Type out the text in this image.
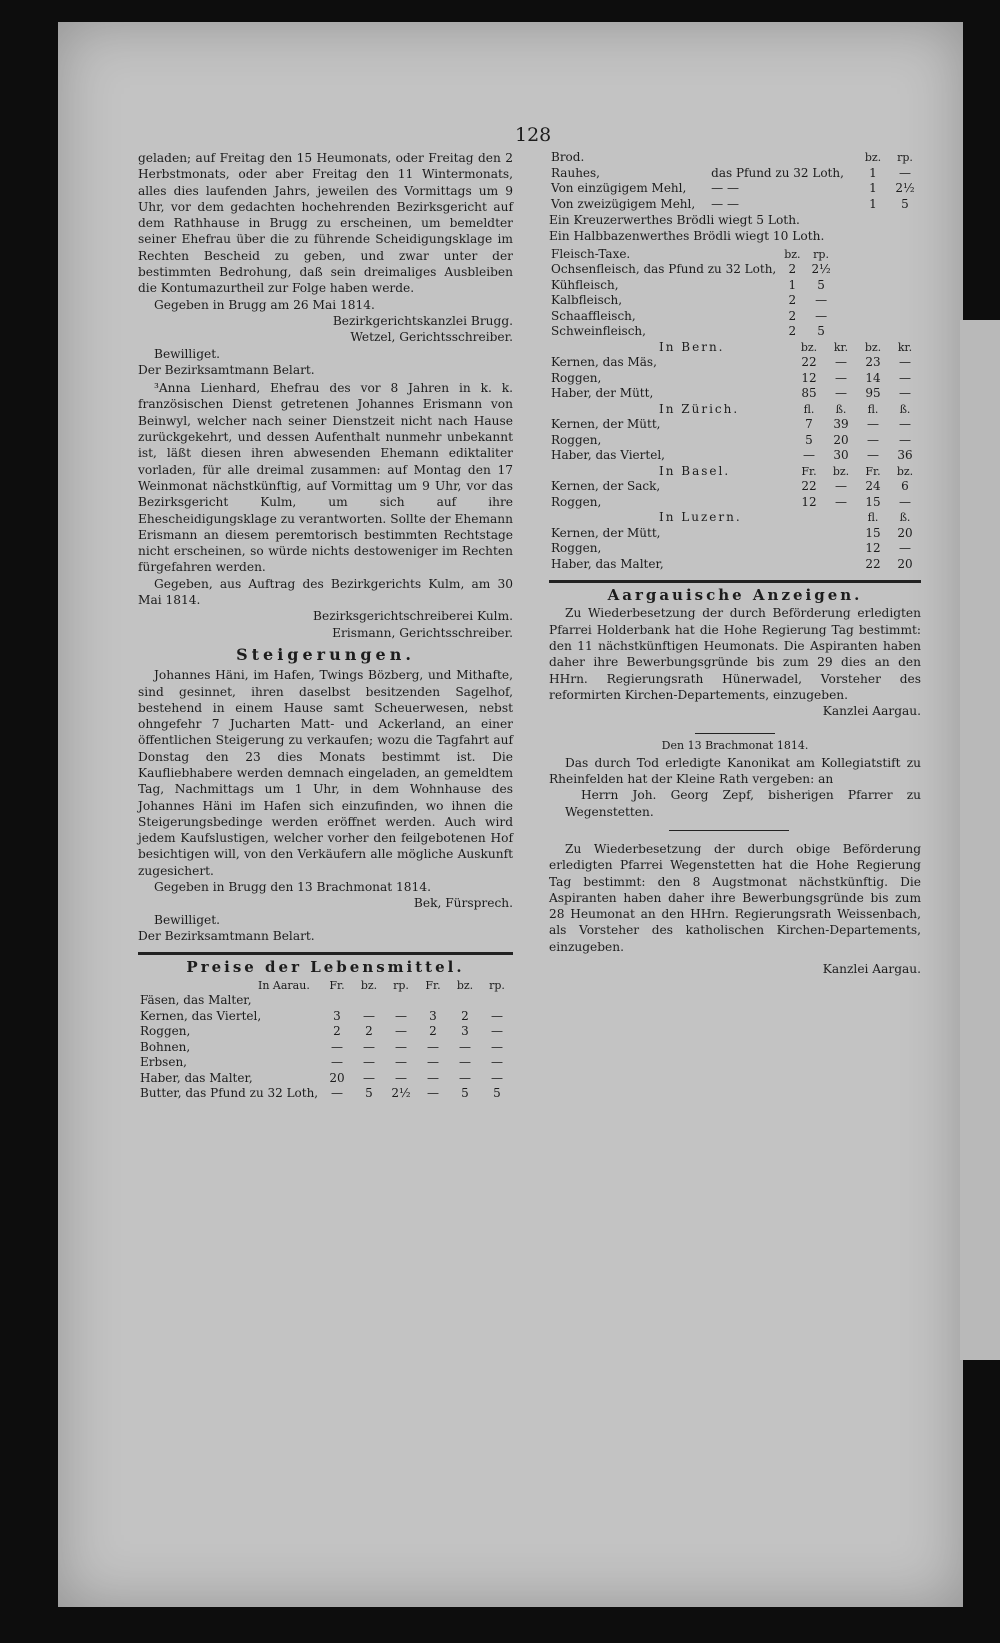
128

geladen; auf Freitag den 15 Heumonats, oder Freitag den 2 Herbstmonats, oder aber Freitag den 11 Wintermonats, alles dies laufenden Jahrs, jeweilen des Vormittags um 9 Uhr, vor dem gedachten hochehrenden Bezirksgericht auf dem Rathhause in Brugg zu erscheinen, um bemeldter seiner Ehefrau über die zu führende Scheidigungsklage im Rechten Bescheid zu geben, und zwar unter der bestimmten Bedrohung, daß sein dreimaliges Ausbleiben die Kontumazurtheil zur Folge haben werde.

Gegeben in Brugg am 26 Mai 1814.

Bezirkgerichtskanzlei Brugg.

Wetzel, Gerichtsschreiber.

Bewilliget.

Der Bezirksamtmann Belart.

³Anna Lienhard, Ehefrau des vor 8 Jahren in k. k. französischen Dienst getretenen Johannes Erismann von Beinwyl, welcher nach seiner Dienstzeit nicht nach Hause zurückgekehrt, und dessen Aufenthalt nunmehr unbekannt ist, läßt diesen ihren abwesenden Ehemann ediktaliter vorladen, für alle dreimal zusammen: auf Montag den 17 Weinmonat nächstkünftig, auf Vormittag um 9 Uhr, vor das Bezirksgericht Kulm, um sich auf ihre Ehescheidigungsklage zu verantworten. Sollte der Ehemann Erismann an diesem peremtorisch bestimmten Rechtstage nicht erscheinen, so würde nichts destoweniger im Rechten fürgefahren werden.

Gegeben, aus Auftrag des Bezirkgerichts Kulm, am 30 Mai 1814.

Bezirksgerichtschreiberei Kulm.

Erismann, Gerichtsschreiber.

Steigerungen.

Johannes Häni, im Hafen, Twings Bözberg, und Mithafte, sind gesinnet, ihren daselbst besitzenden Sagelhof, bestehend in einem Hause samt Scheuerwesen, nebst ohngefehr 7 Jucharten Matt- und Ackerland, an einer öffentlichen Steigerung zu verkaufen; wozu die Tagfahrt auf Donstag den 23 dies Monats bestimmt ist. Die Kaufliebhabere werden demnach eingeladen, an gemeldtem Tag, Nachmittags um 1 Uhr, in dem Wohnhause des Johannes Häni im Hafen sich einzufinden, wo ihnen die Steigerungsbedinge werden eröffnet werden. Auch wird jedem Kaufslustigen, welcher vorher den feilgebotenen Hof besichtigen will, von den Verkäufern alle mögliche Auskunft zugesichert.

Gegeben in Brugg den 13 Brachmonat 1814.

Bek, Fürsprech.

Bewilliget.

Der Bezirksamtmann Belart.

Preise der Lebensmittel.
In Aarau.	Fr.	bz.	rp.	Fr.	bz.	rp.
Fäsen, das Malter,						
Kernen, das Viertel,	3	—	—	3	2	—
Roggen,	2	2	—	2	3	—
Bohnen,	—	—	—	—	—	—
Erbsen,	—	—	—	—	—	—
Haber, das Malter,	20	—	—	—	—	—
Butter, das Pfund zu 32 Loth,	—	5	2½	—	5	5
Brod.		bz.	rp.
Rauhes,	das Pfund zu 32 Loth,	1	—
Von einzügigem Mehl,	— —	1	2½
Von zweizügigem Mehl,	— —	1	5
Ein Kreuzerwerthes Brödli wiegt 5 Loth.
Ein Halbbazenwerthes Brödli wiegt 10 Loth.
Fleisch-Taxe.	bz.	rp.	
Ochsenfleisch, das Pfund zu 32 Loth,	2	2½	
Kühfleisch,	1	5	
Kalbfleisch,	2	—	
Schaaffleisch,	2	—	
Schweinfleisch,	2	5	
In Bern.	bz.	kr.	bz.	kr.
Kernen, das Mäs,	22	—	23	—
Roggen,	12	—	14	—
Haber, der Mütt,	85	—	95	—
In Zürich.	fl.	ß.	fl.	ß.
Kernen, der Mütt,	7	39	—	—
Roggen,	5	20	—	—
Haber, das Viertel,	—	30	—	36
In Basel.	Fr.	bz.	Fr.	bz.
Kernen, der Sack,	22	—	24	6
Roggen,	12	—	15	—
In Luzern.	fl.	ß.
Kernen, der Mütt,	15	20
Roggen,	12	—
Haber, das Malter,	22	20
Aargauische Anzeigen.

Zu Wiederbesetzung der durch Beförderung erledigten Pfarrei Holderbank hat die Hohe Regierung Tag bestimmt: den 11 nächstkünftigen Heumonats. Die Aspiranten haben daher ihre Bewerbungsgründe bis zum 29 dies an den HHrn. Regierungsrath Hünerwadel, Vorsteher des reformirten Kirchen-Departements, einzugeben.

Kanzlei Aargau.

Den 13 Brachmonat 1814.

Das durch Tod erledigte Kanonikat am Kollegiatstift zu Rheinfelden hat der Kleine Rath vergeben: an

Herrn Joh. Georg Zepf, bisherigen Pfarrer zu Wegenstetten.

Zu Wiederbesetzung der durch obige Beförderung erledigten Pfarrei Wegenstetten hat die Hohe Regierung Tag bestimmt: den 8 Augstmonat nächstkünftig. Die Aspiranten haben daher ihre Bewerbungsgründe bis zum 28 Heumonat an den HHrn. Regierungsrath Weissenbach, als Vorsteher des katholischen Kirchen-Departements, einzugeben.

Kanzlei Aargau.
